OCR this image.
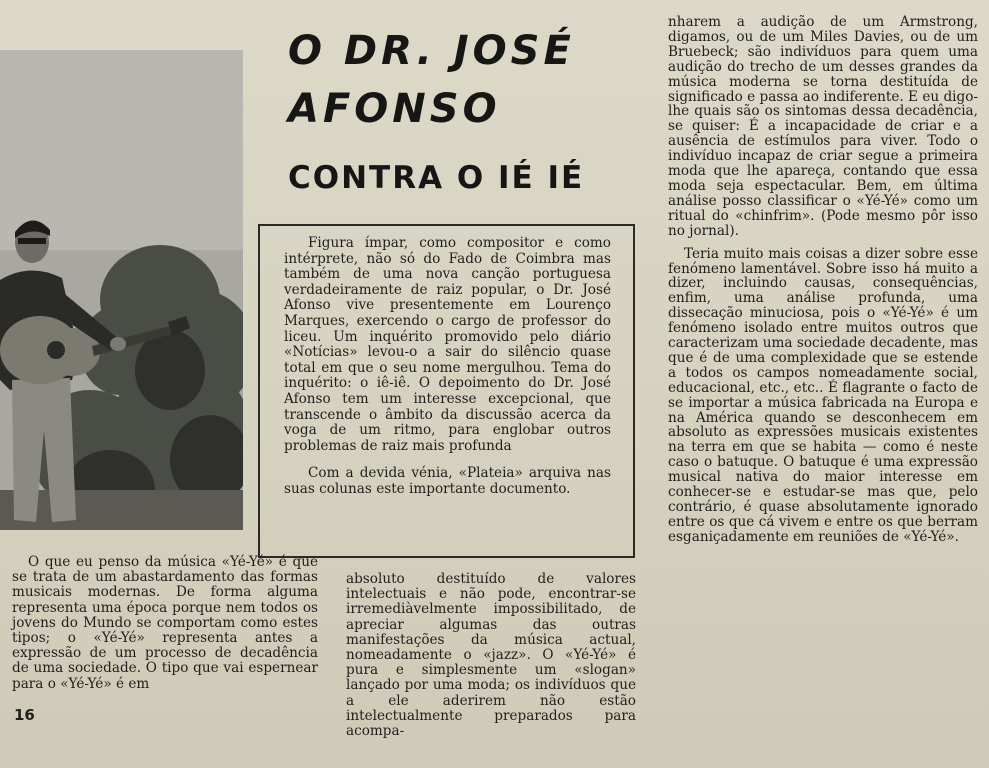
O DR. JOSÉ
AFONSO
CONTRA O IÉ IÉ

Figura ímpar, como compositor e como intérprete, não só do Fado de Coimbra mas também de uma nova canção portuguesa verdadeiramente de raiz popular, o Dr. José Afonso vive presentemente em Lourenço Marques, exercendo o cargo de professor do liceu. Um inquérito promovido pelo diário «Notícias» levou-o a sair do silêncio quase total em que o seu nome mergulhou. Tema do inquérito: o iê-iê. O depoimento do Dr. José Afonso tem um interesse excepcional, que transcende o âmbito da discussão acerca da voga de um ritmo, para englobar outros problemas de raiz mais profunda

Com a devida vénia, «Plateia» arquiva nas suas colunas este importante documento.

O que eu penso da música «Yé-Yé» é que se trata de um abastardamento das formas musicais modernas. De forma alguma representa uma época porque nem todos os jovens do Mundo se comportam como estes tipos; o «Yé-Yé» representa antes a expressão de um processo de decadência de uma sociedade. O tipo que vai espernear para o «Yé-Yé» é em

absoluto destituído de valores intelectuais e não pode, encontrar-se irremediàvelmente impossibilitado, de apreciar algumas das outras manifestações da música actual, nomeadamente o «jazz». O «Yé-Yé» é pura e simplesmente um «slogan» lançado por uma moda; os indivíduos que a ele aderirem não estão intelectualmente preparados para acompa-

nharem a audição de um Armstrong, digamos, ou de um Miles Davies, ou de um Bruebeck; são indivíduos para quem uma audição do trecho de um desses grandes da música moderna se torna destituída de significado e passa ao indiferente. E eu digo-lhe quais são os sintomas dessa decadência, se quiser: É a incapacidade de criar e a ausência de estímulos para viver. Todo o indivíduo incapaz de criar segue a primeira moda que lhe apareça, contando que essa moda seja espectacular. Bem, em última análise posso classificar o «Yé-Yé» como um ritual do «chinfrim». (Pode mesmo pôr isso no jornal).

Teria muito mais coisas a dizer sobre esse fenómeno lamentável. Sobre isso há muito a dizer, incluindo causas, consequências, enfim, uma análise profunda, uma dissecação minuciosa, pois o «Yé-Yé» é um fenómeno isolado entre muitos outros que caracterizam uma sociedade decadente, mas que é de uma complexidade que se estende a todos os campos nomeadamente social, educacional, etc., etc.. É flagrante o facto de se importar a música fabricada na Europa e na América quando se desconhecem em absoluto as expressões musicais existentes na terra em que se habita — como é neste caso o batuque. O batuque é uma expressão musical nativa do maior interesse em conhecer-se e estudar-se mas que, pelo contrário, é quase absolutamente ignorado entre os que cá vivem e entre os que berram esganiçadamente em reuniões de «Yé-Yé».

16
